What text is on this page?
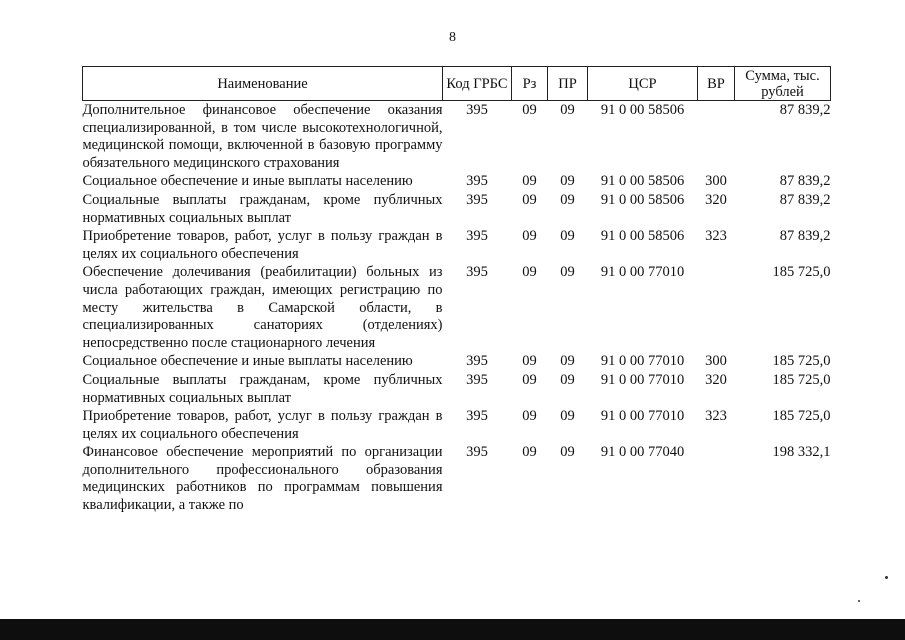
8
Наименование	Код ГРБС	Рз	ПР	ЦСР	ВР	Сумма, тыс. рублей
Дополнительное финансовое обеспечение оказания специализированной, в том числе высокотехнологичной, медицинской помощи, включенной в базовую программу обязательного медицинского страхования	395	09	09	91 0 00 58506		87 839,2
Социальное обеспечение и иные выплаты населению	395	09	09	91 0 00 58506	300	87 839,2
Социальные выплаты гражданам, кроме публичных нормативных социальных выплат	395	09	09	91 0 00 58506	320	87 839,2
Приобретение товаров, работ, услуг в пользу граждан в целях их социального обеспечения	395	09	09	91 0 00 58506	323	87 839,2
Обеспечение долечивания (реабилитации) больных из числа работающих граждан, имеющих регистрацию по месту жительства в Самарской области, в специализированных санаториях (отделениях) непосредственно после стационарного лечения	395	09	09	91 0 00 77010		185 725,0
Социальное обеспечение и иные выплаты населению	395	09	09	91 0 00 77010	300	185 725,0
Социальные выплаты гражданам, кроме публичных нормативных социальных выплат	395	09	09	91 0 00 77010	320	185 725,0
Приобретение товаров, работ, услуг в пользу граждан в целях их социального обеспечения	395	09	09	91 0 00 77010	323	185 725,0
Финансовое обеспечение мероприятий по организации дополнительного профессионального образования медицинских работников по программам повышения квалификации, а также по	395	09	09	91 0 00 77040		198 332,1
